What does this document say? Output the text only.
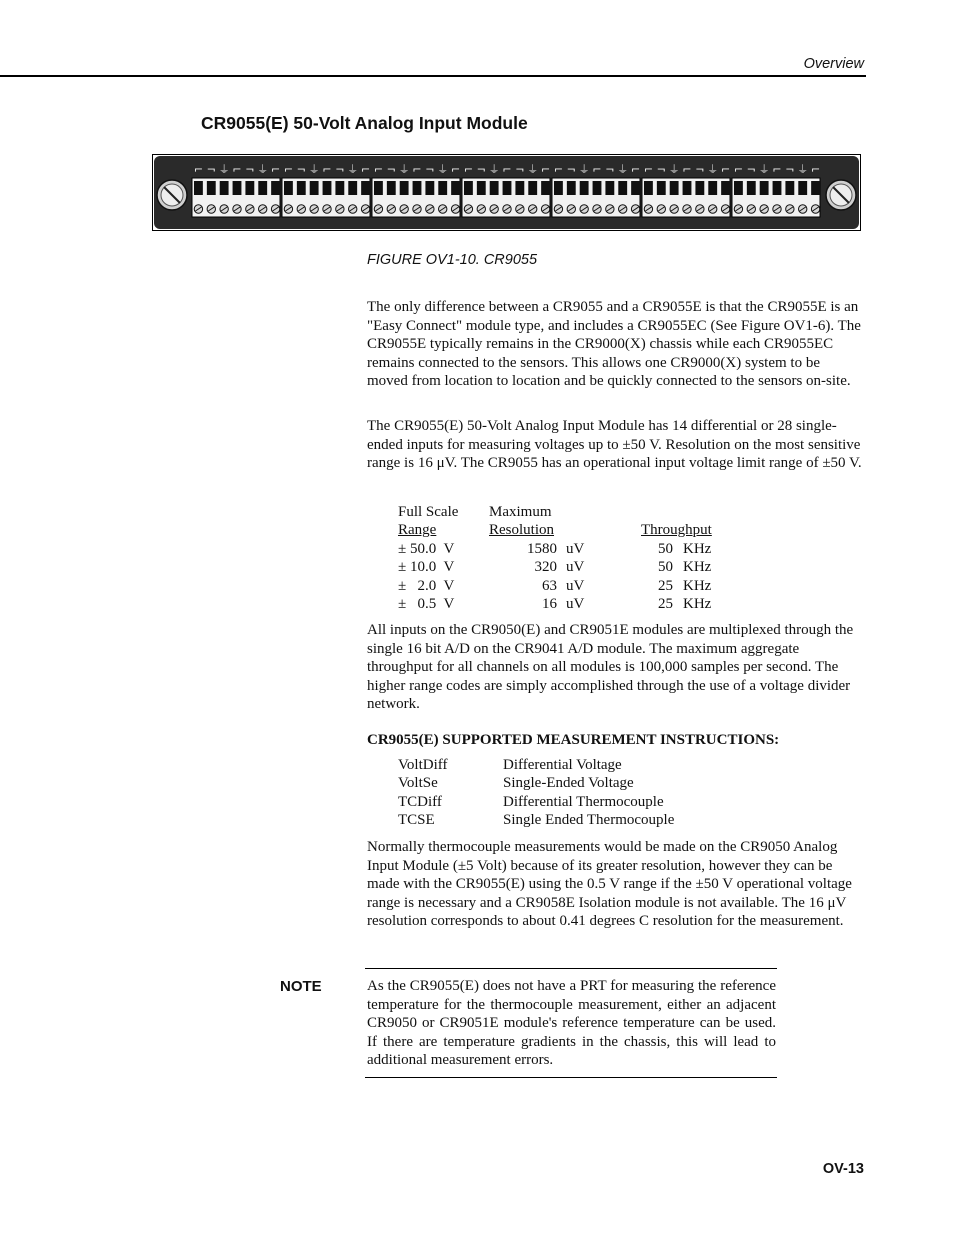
Overview
CR9055(E) 50-Volt Analog Input Module
⌐ ¬ ⏚ ⌐ ¬ ⏚ ⌐ ⌐ ¬ ⏚ ⌐ ¬ ⏚ ⌐ ⌐ ¬ ⏚ ⌐ ¬ ⏚ ⌐ ⌐ ¬ ⏚ ⌐ ¬ ⏚ ⌐ ⌐ ¬ ⏚ ⌐ ¬ ⏚ ⌐ ⌐ ¬ ⏚ ⌐ ¬ ⏚ ⌐ ⌐ ¬ ⏚ ⌐ ¬ ⏚ ⌐
FIGURE OV1-10. CR9055

The only difference between a CR9055 and a CR9055E is that the CR9055E is an "Easy Connect" module type, and includes a CR9055EC (See Figure OV1-6). The CR9055E typically remains in the CR9000(X) chassis while each CR9055EC remains connected to the sensors. This allows one CR9000(X) system to be moved from location to location and be quickly connected to the sensors on-site.

The CR9055(E) 50-Volt Analog Input Module has 14 differential or 28 single-ended inputs for measuring voltages up to ±50 V. Resolution on the most sensitive range is 16 μV. The CR9055 has an operational input voltage limit range of ±50 V.

Full Scale	Maximum			
Range	Resolution		Throughput	
± 50.0  V	1580	uV	50	KHz
± 10.0  V	320	uV	50	KHz
±   2.0  V	63	uV	25	KHz
±   0.5  V	16	uV	25	KHz

All inputs on the CR9050(E) and CR9051E modules are multiplexed through the single 16 bit A/D on the CR9041 A/D module. The maximum aggregate throughput for all channels on all modules is 100,000 samples per second. The higher range codes are simply accomplished through the use of a voltage divider network.

CR9055(E) SUPPORTED MEASUREMENT INSTRUCTIONS:
VoltDiff	Differential Voltage
VoltSe	Single-Ended Voltage
TCDiff	Differential Thermocouple
TCSE	Single Ended Thermocouple

Normally thermocouple measurements would be made on the CR9050 Analog Input Module (±5 Volt) because of its greater resolution, however they can be made with the CR9055(E) using the 0.5 V range if the ±50 V operational voltage range is necessary and a CR9058E Isolation module is not available. The 16 μV resolution corresponds to about 0.41 degrees C resolution for the measurement.

NOTE	As the CR9055(E) does not have a PRT for measuring the reference temperature for the thermocouple measurement, either an adjacent CR9050 or CR9051E module's reference temperature can be used. If there are temperature gradients in the chassis, this will lead to additional measurement errors.
OV-13
